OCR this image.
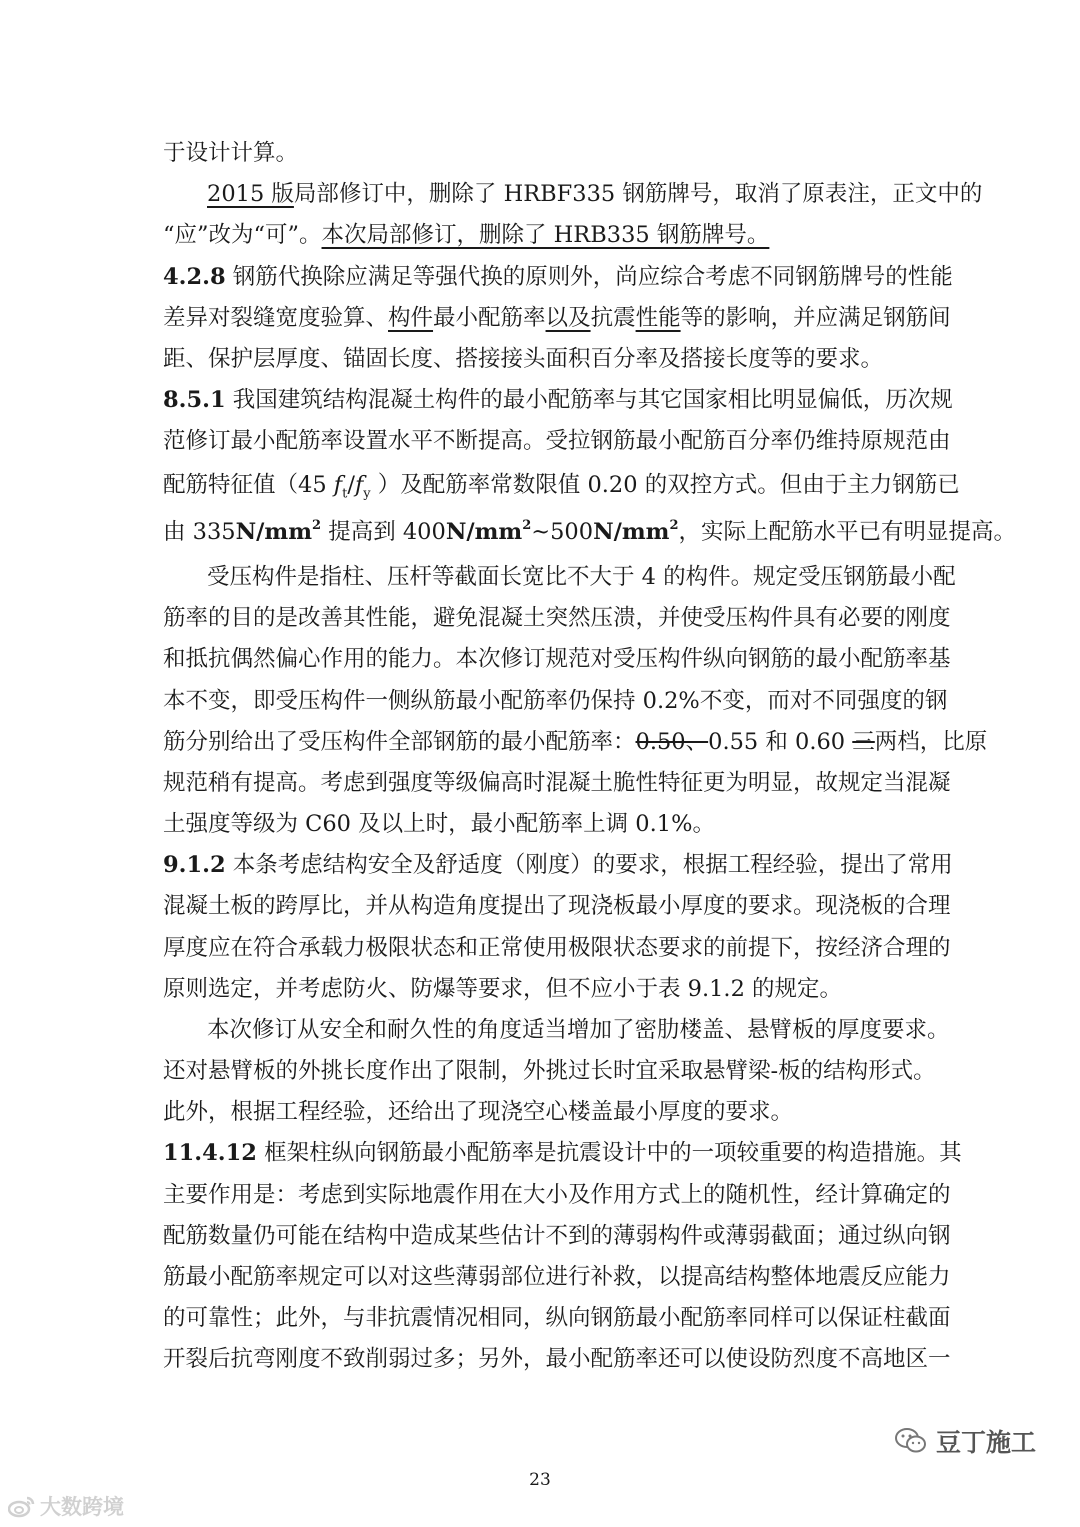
于设计计算。
2015 版局部修订中，删除了 HRBF335 钢筋牌号，取消了原表注，正文中的
“应”改为“可”。本次局部修订，删除了 HRB335 钢筋牌号。
4.2.8 钢筋代换除应满足等强代换的原则外，尚应综合考虑不同钢筋牌号的性能
差异对裂缝宽度验算、构件最小配筋率以及抗震性能等的影响，并应满足钢筋间
距、保护层厚度、锚固长度、搭接接头面积百分率及搭接长度等的要求。
8.5.1 我国建筑结构混凝土构件的最小配筋率与其它国家相比明显偏低，历次规
范修订最小配筋率设置水平不断提高。受拉钢筋最小配筋百分率仍维持原规范由
配筋特征值（45 $f_t/f_y$ ）及配筋率常数限值 0.20 的双控方式。但由于主力钢筋已
由 $335N/mm^2$ 提高到 $400N/mm^2\sim 500N/mm^2$，实际上配筋水平已有明显提高。
受压构件是指柱、压杆等截面长宽比不大于 4 的构件。规定受压钢筋最小配
筋率的目的是改善其性能，避免混凝土突然压溃，并使受压构件具有必要的刚度
和抵抗偶然偏心作用的能力。本次修订规范对受压构件纵向钢筋的最小配筋率基
本不变，即受压构件一侧纵筋最小配筋率仍保持 0.2%不变，而对不同强度的钢
筋分别给出了受压构件全部钢筋的最小配筋率：0.50、0.55 和 0.60 三两档，比原
规范稍有提高。考虑到强度等级偏高时混凝土脆性特征更为明显，故规定当混凝
土强度等级为 C60 及以上时，最小配筋率上调 0.1%。
9.1.2 本条考虑结构安全及舒适度（刚度）的要求，根据工程经验，提出了常用
混凝土板的跨厚比，并从构造角度提出了现浇板最小厚度的要求。现浇板的合理
厚度应在符合承载力极限状态和正常使用极限状态要求的前提下，按经济合理的
原则选定，并考虑防火、防爆等要求，但不应小于表 9.1.2 的规定。
本次修订从安全和耐久性的角度适当增加了密肋楼盖、悬臂板的厚度要求。
还对悬臂板的外挑长度作出了限制，外挑过长时宜采取悬臂梁-板的结构形式。
此外，根据工程经验，还给出了现浇空心楼盖最小厚度的要求。
11.4.12 框架柱纵向钢筋最小配筋率是抗震设计中的一项较重要的构造措施。其
主要作用是：考虑到实际地震作用在大小及作用方式上的随机性，经计算确定的
配筋数量仍可能在结构中造成某些估计不到的薄弱构件或薄弱截面；通过纵向钢
筋最小配筋率规定可以对这些薄弱部位进行补救，以提高结构整体地震反应能力
的可靠性；此外，与非抗震情况相同，纵向钢筋最小配筋率同样可以保证柱截面
开裂后抗弯刚度不致削弱过多；另外，最小配筋率还可以使设防烈度不高地区一
23
豆丁施工
大数跨境
